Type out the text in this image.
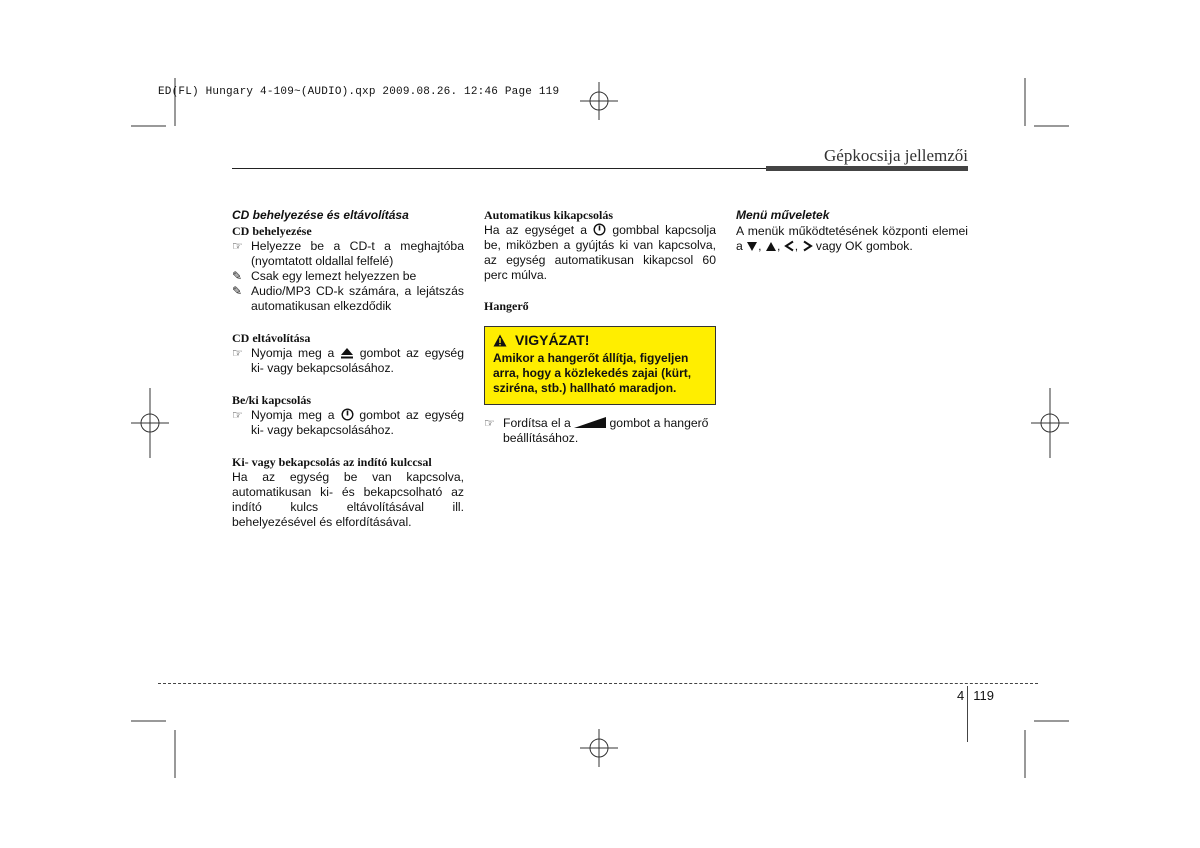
ED(FL) Hungary 4-109~(AUDIO).qxp 2009.08.26. 12:46 Page 119
Gépkocsija jellemzői
CD behelyezése és eltávolítása
CD behelyezése
☞ Helyezze be a CD-t a meghajtóba (nyomtatott oldallal felfelé)
✎ Csak egy lemezt helyezzen be
✎ Audio/MP3 CD-k számára, a lejátszás automatikusan elkezdődik
CD eltávolítása
☞ Nyomja meg a gombot az egység ki- vagy bekapcsolásához.
Be/ki kapcsolás
☞ Nyomja meg a gombot az egység ki- vagy bekapcsolásához.
Ki- vagy bekapcsolás az indító kulccsal
Ha az egység be van kapcsolva, automatikusan ki- és bekapcsolható az indító kulcs eltávolításával ill. behelyezésével és elfordításával.
Automatikus kikapcsolás
Ha az egységet a gombbal kapcsolja be, miközben a gyújtás ki van kapcsolva, az egység automatikusan kikapcsol 60 perc múlva.
Hangerő
VIGYÁZAT!
Amikor a hangerőt állítja, figyeljen arra, hogy a közlekedés zajai (kürt, sziréna, stb.) hallható maradjon.
☞ Fordítsa el a	gombot a hangerő beállításához.
Menü műveletek
A menük működtetésének központi elemei a , , ,  vagy OK gombok.
4 119
